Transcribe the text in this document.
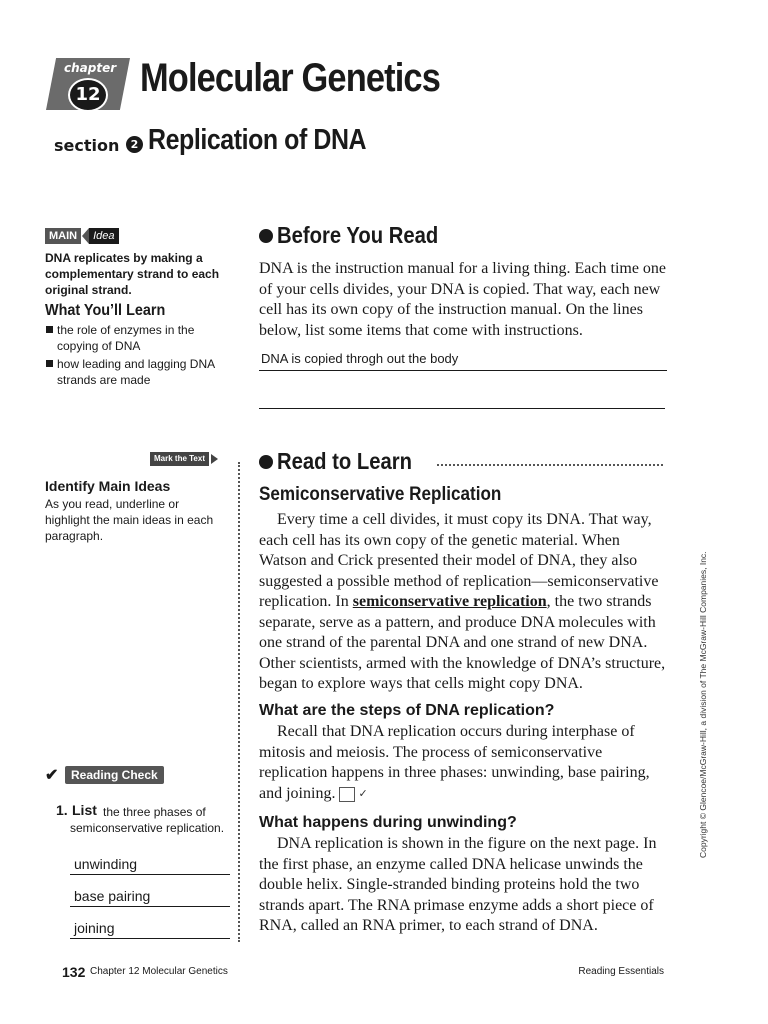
chapter
12 Molecular Genetics
section	2 Replication of DNA
MAIN	Idea
DNA replicates by making a complementary strand to each original strand.
What You’ll Learn
the role of enzymes in the copying of DNA
how leading and lagging DNA strands are made
Mark the Text
Identify Main Ideas
As you read, underline or highlight the main ideas in each paragraph.
✔	Reading Check
the three phases of semiconservative replication.
1. List
unwinding
base pairing
joining
Before You Read
DNA is the instruction manual for a living thing. Each time one of your cells divides, your DNA is copied. That way, each new cell has its own copy of the instruction manual. On the lines below, list some items that come with instructions.
DNA is copied throgh out the body
Read to Learn
Semiconservative Replication
Every time a cell divides, it must copy its DNA. That way, each cell has its own copy of the genetic material. When Watson and Crick presented their model of DNA, they also suggested a possible method of replication—semiconservative replication. In semiconservative replication, the two strands separate, serve as a pattern, and produce DNA molecules with one strand of the parental DNA and one strand of new DNA. Other scientists, armed with the knowledge of DNA’s structure, began to explore ways that cells might copy DNA.
What are the steps of DNA replication?
Recall that DNA replication occurs during interphase of mitosis and meiosis. The process of semiconservative replication happens in three phases: unwinding, base pairing, and joining. ✓
What happens during unwinding?
DNA replication is shown in the figure on the next page. In the first phase, an enzyme called DNA helicase unwinds the double helix. Single-stranded binding proteins hold the two strands apart. The RNA primase enzyme adds a short piece of RNA, called an RNA primer, to each strand of DNA.
Copyright © Glencoe/McGraw-Hill, a division of The McGraw-Hill Companies, Inc.
132 Chapter 12 Molecular Genetics	Reading Essentials
